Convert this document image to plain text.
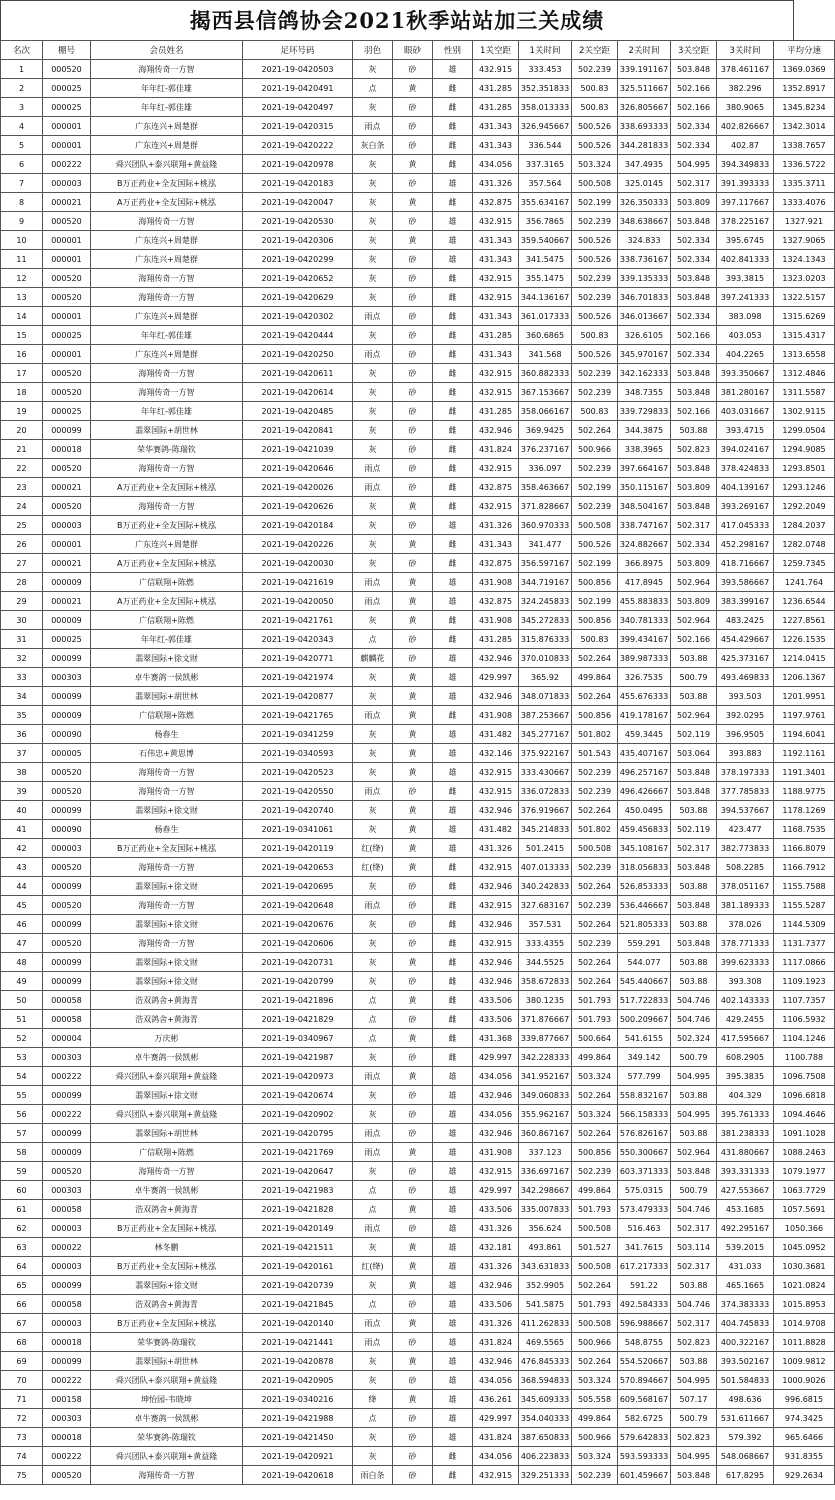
揭西县信鸽协会2021秋季站站加三关成绩
名次	棚号	会员姓名	足环号码	羽色	眼砂	性别	1关空距	1关时间	2关空距	2关时间	3关空距	3关时间	平均分速
1	000520	海翔传奇一方智	2021-19-0420503	灰	砂	雄	432.915	333.453	502.239	339.191167	503.848	378.461167	1369.0369
2	000025	年年红-郭佳雄	2021-19-0420491	点	黄	雌	431.285	352.351833	500.83	325.511667	502.166	382.296	1352.8917
3	000025	年年红-郭佳雄	2021-19-0420497	灰	砂	雌	431.285	358.013333	500.83	326.805667	502.166	380.9065	1345.8234
4	000001	广东连兴+周楚群	2021-19-0420315	雨点	砂	雌	431.343	326.945667	500.526	338.693333	502.334	402.826667	1342.3014
5	000001	广东连兴+周楚群	2021-19-0420222	灰白条	砂	雌	431.343	336.544	500.526	344.281833	502.334	402.87	1338.7657
6	000222	舜兴团队+泰兴联翔+黄益隆	2021-19-0420978	灰	黄	雌	434.056	337.3165	503.324	347.4935	504.995	394.349833	1336.5722
7	000003	B万正药业+全友国际+桃泓	2021-19-0420183	灰	砂	雄	431.326	357.564	500.508	325.0145	502.317	391.393333	1335.3711
8	000021	A万正药业+全友国际+桃泓	2021-19-0420047	灰	黄	雌	432.875	355.634167	502.199	326.350333	503.809	397.117667	1333.4076
9	000520	海翔传奇一方智	2021-19-0420530	灰	砂	雄	432.915	356.7865	502.239	348.638667	503.848	378.225167	1327.921
10	000001	广东连兴+周楚群	2021-19-0420306	灰	黄	雄	431.343	359.540667	500.526	324.833	502.334	395.6745	1327.9065
11	000001	广东连兴+周楚群	2021-19-0420299	灰	砂	雄	431.343	341.5475	500.526	338.736167	502.334	402.841333	1324.1343
12	000520	海翔传奇一方智	2021-19-0420652	灰	砂	雌	432.915	355.1475	502.239	339.135333	503.848	393.3815	1323.0203
13	000520	海翔传奇一方智	2021-19-0420629	灰	砂	雌	432.915	344.136167	502.239	346.701833	503.848	397.241333	1322.5157
14	000001	广东连兴+周楚群	2021-19-0420302	雨点	砂	雌	431.343	361.017333	500.526	346.013667	502.334	383.098	1315.6269
15	000025	年年红-郭佳雄	2021-19-0420444	灰	砂	雌	431.285	360.6865	500.83	326.6105	502.166	403.053	1315.4317
16	000001	广东连兴+周楚群	2021-19-0420250	雨点	砂	雌	431.343	341.568	500.526	345.970167	502.334	404.2265	1313.6558
17	000520	海翔传奇一方智	2021-19-0420611	灰	砂	雌	432.915	360.882333	502.239	342.162333	503.848	393.350667	1312.4846
18	000520	海翔传奇一方智	2021-19-0420614	灰	砂	雌	432.915	367.153667	502.239	348.7355	503.848	381.280167	1311.5587
19	000025	年年红-郭佳雄	2021-19-0420485	灰	砂	雌	431.285	358.066167	500.83	339.729833	502.166	403.031667	1302.9115
20	000099	翡翠国际+胡世林	2021-19-0420841	灰	砂	雌	432.946	369.9425	502.264	344.3875	503.88	393.4715	1299.0504
21	000018	荣华赛鸽-陈瑞钦	2021-19-0421039	灰	砂	雌	431.824	376.237167	500.966	338.3965	502.823	394.024167	1294.9085
22	000520	海翔传奇一方智	2021-19-0420646	雨点	砂	雌	432.915	336.097	502.239	397.664167	503.848	378.424833	1293.8501
23	000021	A万正药业+全友国际+桃泓	2021-19-0420026	雨点	砂	雌	432.875	358.463667	502.199	350.115167	503.809	404.139167	1293.1246
24	000520	海翔传奇一方智	2021-19-0420626	灰	黄	雌	432.915	371.828667	502.239	348.504167	503.848	393.269167	1292.2049
25	000003	B万正药业+全友国际+桃泓	2021-19-0420184	灰	砂	雄	431.326	360.970333	500.508	338.747167	502.317	417.045333	1284.2037
26	000001	广东连兴+周楚群	2021-19-0420226	灰	黄	雌	431.343	341.477	500.526	324.882667	502.334	452.298167	1282.0748
27	000021	A万正药业+全友国际+桃泓	2021-19-0420030	灰	砂	雌	432.875	356.597167	502.199	366.8975	503.809	418.716667	1259.7345
28	000009	广信联翔+陈燃	2021-19-0421619	雨点	黄	雄	431.908	344.719167	500.856	417.8945	502.964	393.586667	1241.764
29	000021	A万正药业+全友国际+桃泓	2021-19-0420050	雨点	黄	雄	432.875	324.245833	502.199	455.883833	503.809	383.399167	1236.6544
30	000009	广信联翔+陈燃	2021-19-0421761	灰	黄	雌	431.908	345.272833	500.856	340.781333	502.964	483.2425	1227.8561
31	000025	年年红-郭佳雄	2021-19-0420343	点	砂	雌	431.285	315.876333	500.83	399.434167	502.166	454.429667	1226.1535
32	000099	翡翠国际+徐文财	2021-19-0420771	麒麟花	砂	雄	432.946	370.010833	502.264	389.987333	503.88	425.373167	1214.0415
33	000303	卓牛赛鸽一侯凯彬	2021-19-0421974	灰	黄	雄	429.997	365.92	499.864	326.7535	500.79	493.469833	1206.1367
34	000099	翡翠国际+胡世林	2021-19-0420877	灰	黄	雄	432.946	348.071833	502.264	455.676333	503.88	393.503	1201.9951
35	000009	广信联翔+陈燃	2021-19-0421765	雨点	黄	雌	431.908	387.253667	500.856	419.178167	502.964	392.0295	1197.9761
36	000090	杨春生	2021-19-0341259	灰	黄	雄	431.482	345.277167	501.802	459.3445	502.119	396.9505	1194.6041
37	000005	石伟忠+黄思博	2021-19-0340593	灰	黄	雄	432.146	375.922167	501.543	435.407167	503.064	393.883	1192.1161
38	000520	海翔传奇一方智	2021-19-0420523	灰	黄	雄	432.915	333.430667	502.239	496.257167	503.848	378.197333	1191.3401
39	000520	海翔传奇一方智	2021-19-0420550	雨点	砂	雌	432.915	336.072833	502.239	496.426667	503.848	377.785833	1188.9775
40	000099	翡翠国际+徐文财	2021-19-0420740	灰	黄	雄	432.946	376.919667	502.264	450.0495	503.88	394.537667	1178.1269
41	000090	杨春生	2021-19-0341061	灰	黄	雄	431.482	345.214833	501.802	459.456833	502.119	423.477	1168.7535
42	000003	B万正药业+全友国际+桃泓	2021-19-0420119	红(绛)	黄	雄	431.326	501.2415	500.508	345.108167	502.317	382.773833	1166.8079
43	000520	海翔传奇一方智	2021-19-0420653	红(绛)	黄	雌	432.915	407.013333	502.239	318.056833	503.848	508.2285	1166.7912
44	000099	翡翠国际+徐文财	2021-19-0420695	灰	砂	雌	432.946	340.242833	502.264	526.853333	503.88	378.051167	1155.7588
45	000520	海翔传奇一方智	2021-19-0420648	雨点	砂	雌	432.915	327.683167	502.239	536.446667	503.848	381.189333	1155.5287
46	000099	翡翠国际+徐文财	2021-19-0420676	灰	砂	雌	432.946	357.531	502.264	521.805333	503.88	378.026	1144.5309
47	000520	海翔传奇一方智	2021-19-0420606	灰	砂	雌	432.915	333.4355	502.239	559.291	503.848	378.771333	1131.7377
48	000099	翡翠国际+徐文财	2021-19-0420731	灰	黄	雌	432.946	344.5525	502.264	544.077	503.88	399.623333	1117.0866
49	000099	翡翠国际+徐文财	2021-19-0420799	灰	砂	雌	432.946	358.672833	502.264	545.440667	503.88	393.308	1109.1923
50	000058	浩双鸽舍+黄海青	2021-19-0421896	点	黄	雌	433.506	380.1235	501.793	517.722833	504.746	402.143333	1107.7357
51	000058	浩双鸽舍+黄海青	2021-19-0421829	点	砂	雌	433.506	371.876667	501.793	500.209667	504.746	429.2455	1106.5932
52	000004	万庆彬	2021-19-0340967	点	黄	雌	431.368	339.877667	500.664	541.6155	502.324	417.595667	1104.1246
53	000303	卓牛赛鸽一侯凯彬	2021-19-0421987	灰	砂	雌	429.997	342.228333	499.864	349.142	500.79	608.2905	1100.788
54	000222	舜兴团队+泰兴联翔+黄益隆	2021-19-0420973	雨点	黄	雄	434.056	341.952167	503.324	577.799	504.995	395.3835	1096.7508
55	000099	翡翠国际+徐文财	2021-19-0420674	灰	砂	雄	432.946	349.060833	502.264	558.832167	503.88	404.329	1096.6818
56	000222	舜兴团队+泰兴联翔+黄益隆	2021-19-0420902	灰	砂	雄	434.056	355.962167	503.324	566.158333	504.995	395.761333	1094.4646
57	000099	翡翠国际+胡世林	2021-19-0420795	雨点	砂	雄	432.946	360.867167	502.264	576.826167	503.88	381.238333	1091.1028
58	000009	广信联翔+陈燃	2021-19-0421769	雨点	黄	雄	431.908	337.123	500.856	550.300667	502.964	431.880667	1088.2463
59	000520	海翔传奇一方智	2021-19-0420647	灰	砂	雄	432.915	336.697167	502.239	603.371333	503.848	393.331333	1079.1977
60	000303	卓牛赛鸽一侯凯彬	2021-19-0421983	点	砂	雄	429.997	342.298667	499.864	575.0315	500.79	427.553667	1063.7729
61	000058	浩双鸽舍+黄海青	2021-19-0421828	点	黄	雄	433.506	335.007833	501.793	573.479333	504.746	453.1685	1057.5691
62	000003	B万正药业+全友国际+桃泓	2021-19-0420149	雨点	砂	雄	431.326	356.624	500.508	516.463	502.317	492.295167	1050.366
63	000022	林冬鹏	2021-19-0421511	灰	黄	雄	432.181	493.861	501.527	341.7615	503.114	539.2015	1045.0952
64	000003	B万正药业+全友国际+桃泓	2021-19-0420161	红(绛)	黄	雄	431.326	343.631833	500.508	617.217333	502.317	431.033	1030.3681
65	000099	翡翠国际+徐文财	2021-19-0420739	灰	黄	雄	432.946	352.9905	502.264	591.22	503.88	465.1665	1021.0824
66	000058	浩双鸽舍+黄海青	2021-19-0421845	点	砂	雄	433.506	541.5875	501.793	492.584333	504.746	374.383333	1015.8953
67	000003	B万正药业+全友国际+桃泓	2021-19-0420140	雨点	黄	雄	431.326	411.262833	500.508	596.988667	502.317	404.745833	1014.9708
68	000018	荣华赛鸽-陈瑞钦	2021-19-0421441	雨点	砂	雄	431.824	469.5565	500.966	548.8755	502.823	400.322167	1011.8828
69	000099	翡翠国际+胡世林	2021-19-0420878	灰	黄	雄	432.946	476.845333	502.264	554.520667	503.88	393.502167	1009.9812
70	000222	舜兴团队+泰兴联翔+黄益隆	2021-19-0420905	灰	砂	雄	434.056	368.594833	503.324	570.894667	504.995	501.584833	1000.9026
71	000158	坤怡园-韦晓坤	2021-19-0340216	绛	黄	雄	436.261	345.609333	505.558	609.568167	507.17	498.636	996.6815
72	000303	卓牛赛鸽一侯凯彬	2021-19-0421988	点	砂	雄	429.997	354.040333	499.864	582.6725	500.79	531.611667	974.3425
73	000018	荣华赛鸽-陈瑞钦	2021-19-0421450	灰	砂	雄	431.824	387.650833	500.966	579.642833	502.823	579.392	965.6466
74	000222	舜兴团队+泰兴联翔+黄益隆	2021-19-0420921	灰	砂	雌	434.056	406.223833	503.324	593.593333	504.995	548.068667	931.8355
75	000520	海翔传奇一方智	2021-19-0420618	雨白条	砂	雌	432.915	329.251333	502.239	601.459667	503.848	617.8295	929.2634
